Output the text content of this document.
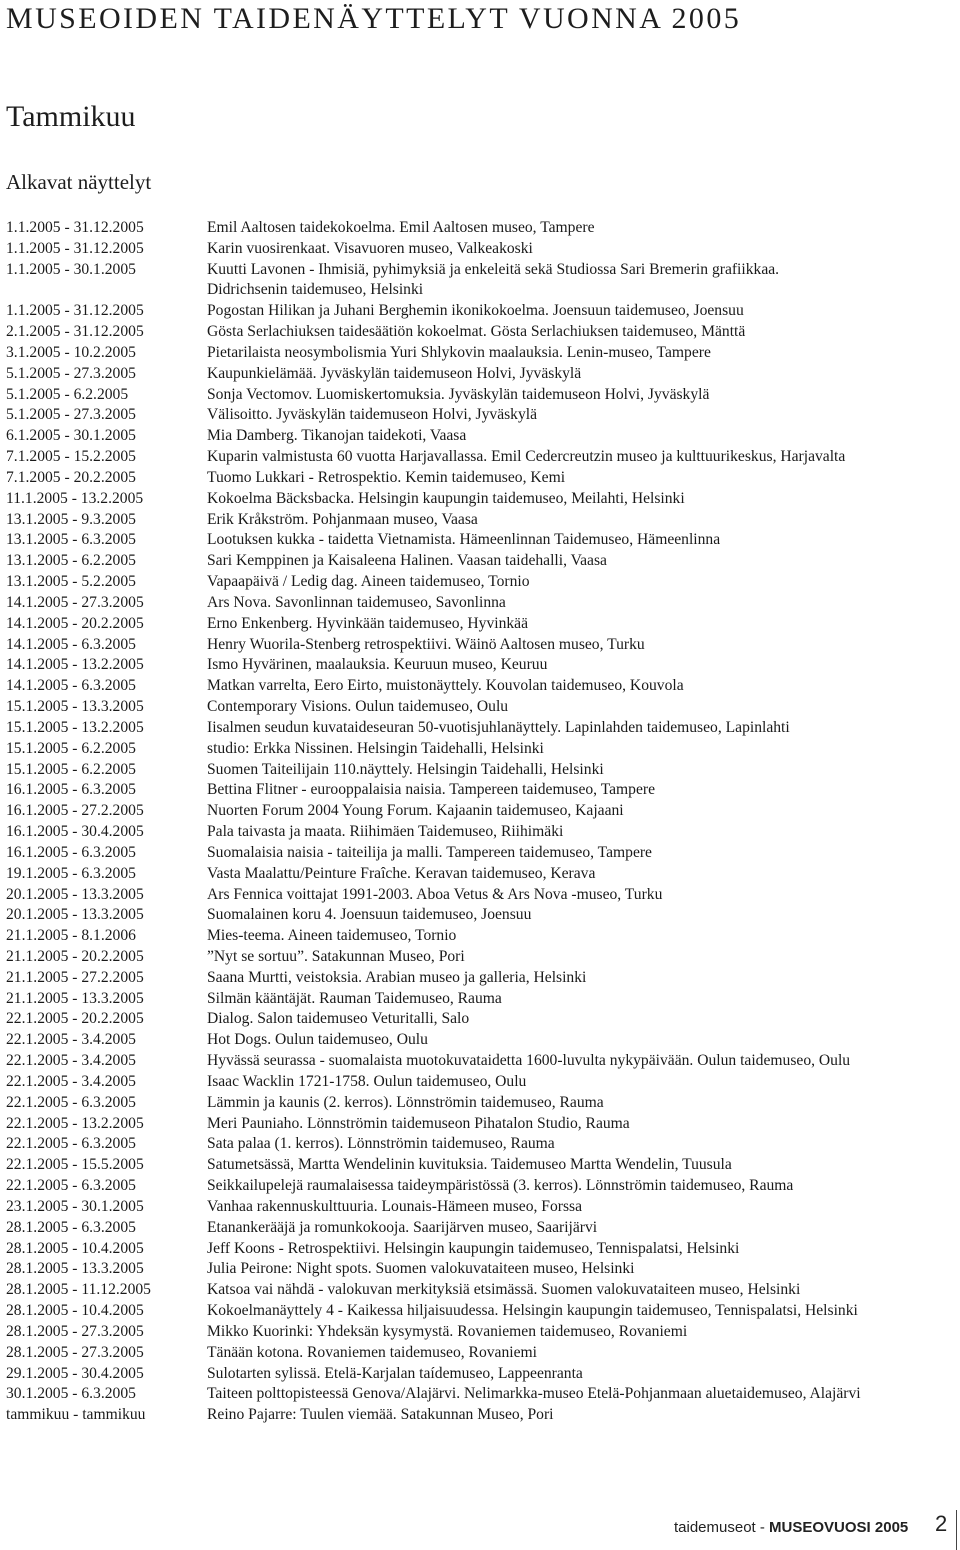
MUSEOIDEN TAIDENÄYTTELYT VUONNA 2005
Tammikuu
Alkavat näyttelyt
1.1.2005 - 31.12.2005	Emil Aaltosen taidekokoelma. Emil Aaltosen museo, Tampere
1.1.2005 - 31.12.2005	Karin vuosirenkaat. Visavuoren museo, Valkeakoski
1.1.2005 - 30.1.2005	Kuutti Lavonen - Ihmisiä, pyhimyksiä ja enkeleitä sekä Studiossa Sari Bremerin grafiikkaa.
Didrichsenin taidemuseo, Helsinki
1.1.2005 - 31.12.2005	Pogostan Hilikan ja Juhani Berghemin ikonikokoelma. Joensuun taidemuseo, Joensuu
2.1.2005 - 31.12.2005	Gösta Serlachiuksen taidesäätiön kokoelmat. Gösta Serlachiuksen taidemuseo, Mänttä
3.1.2005 - 10.2.2005	Pietarilaista neosymbolismia Yuri Shlykovin maalauksia. Lenin-museo, Tampere
5.1.2005 - 27.3.2005	Kaupunkielämää. Jyväskylän taidemuseon Holvi, Jyväskylä
5.1.2005 - 6.2.2005	Sonja Vectomov. Luomiskertomuksia. Jyväskylän taidemuseon Holvi, Jyväskylä
5.1.2005 - 27.3.2005	Välisoitto. Jyväskylän taidemuseon Holvi, Jyväskylä
6.1.2005 - 30.1.2005	Mia Damberg. Tikanojan taidekoti, Vaasa
7.1.2005 - 15.2.2005	Kuparin valmistusta 60 vuotta Harjavallassa. Emil Cedercreutzin museo ja kulttuurikeskus, Harjavalta
7.1.2005 - 20.2.2005	Tuomo Lukkari - Retrospektio. Kemin taidemuseo, Kemi
11.1.2005 - 13.2.2005	Kokoelma Bäcksbacka. Helsingin kaupungin taidemuseo, Meilahti, Helsinki
13.1.2005 - 9.3.2005	Erik Kråkström. Pohjanmaan museo, Vaasa
13.1.2005 - 6.3.2005	Lootuksen kukka - taidetta Vietnamista. Hämeenlinnan Taidemuseo, Hämeenlinna
13.1.2005 - 6.2.2005	Sari Kemppinen ja Kaisaleena Halinen. Vaasan taidehalli, Vaasa
13.1.2005 - 5.2.2005	Vapaapäivä / Ledig dag. Aineen taidemuseo, Tornio
14.1.2005 - 27.3.2005	Ars Nova. Savonlinnan taidemuseo, Savonlinna
14.1.2005 - 20.2.2005	Erno Enkenberg. Hyvinkään taidemuseo, Hyvinkää
14.1.2005 - 6.3.2005	Henry Wuorila-Stenberg retrospektiivi. Wäinö Aaltosen museo, Turku
14.1.2005 - 13.2.2005	Ismo Hyvärinen, maalauksia. Keuruun museo, Keuruu
14.1.2005 - 6.3.2005	Matkan varrelta, Eero Eirto, muistonäyttely. Kouvolan taidemuseo, Kouvola
15.1.2005 - 13.3.2005	Contemporary Visions. Oulun taidemuseo, Oulu
15.1.2005 - 13.2.2005	Iisalmen seudun kuvataideseuran 50-vuotisjuhlanäyttely. Lapinlahden taidemuseo, Lapinlahti
15.1.2005 - 6.2.2005	studio: Erkka Nissinen. Helsingin Taidehalli, Helsinki
15.1.2005 - 6.2.2005	Suomen Taiteilijain 110.näyttely. Helsingin Taidehalli, Helsinki
16.1.2005 - 6.3.2005	Bettina Flitner - eurooppalaisia naisia. Tampereen taidemuseo, Tampere
16.1.2005 - 27.2.2005	Nuorten Forum 2004 Young Forum. Kajaanin taidemuseo, Kajaani
16.1.2005 - 30.4.2005	Pala taivasta ja maata. Riihimäen Taidemuseo, Riihimäki
16.1.2005 - 6.3.2005	Suomalaisia naisia - taiteilija ja malli. Tampereen taidemuseo, Tampere
19.1.2005 - 6.3.2005	Vasta Maalattu/Peinture Fraîche. Keravan taidemuseo, Kerava
20.1.2005 - 13.3.2005	Ars Fennica voittajat 1991-2003. Aboa Vetus & Ars Nova -museo, Turku
20.1.2005 - 13.3.2005	Suomalainen koru 4. Joensuun taidemuseo, Joensuu
21.1.2005 - 8.1.2006	Mies-teema. Aineen taidemuseo, Tornio
21.1.2005 - 20.2.2005	”Nyt se sortuu”. Satakunnan Museo, Pori
21.1.2005 - 27.2.2005	Saana Murtti, veistoksia. Arabian museo ja galleria, Helsinki
21.1.2005 - 13.3.2005	Silmän kääntäjät. Rauman Taidemuseo, Rauma
22.1.2005 - 20.2.2005	Dialog. Salon taidemuseo Veturitalli, Salo
22.1.2005 - 3.4.2005	Hot Dogs. Oulun taidemuseo, Oulu
22.1.2005 - 3.4.2005	Hyvässä seurassa - suomalaista muotokuvataidetta 1600-luvulta nykypäivään. Oulun taidemuseo, Oulu
22.1.2005 - 3.4.2005	Isaac Wacklin 1721-1758. Oulun taidemuseo, Oulu
22.1.2005 - 6.3.2005	Lämmin ja kaunis (2. kerros). Lönnströmin taidemuseo, Rauma
22.1.2005 - 13.2.2005	Meri Pauniaho. Lönnströmin taidemuseon Pihatalon Studio, Rauma
22.1.2005 - 6.3.2005	Sata palaa (1. kerros). Lönnströmin taidemuseo, Rauma
22.1.2005 - 15.5.2005	Satumetsässä, Martta Wendelinin kuvituksia. Taidemuseo Martta Wendelin, Tuusula
22.1.2005 - 6.3.2005	Seikkailupelejä raumalaisessa taideympäristössä (3. kerros). Lönnströmin taidemuseo, Rauma
23.1.2005 - 30.1.2005	Vanhaa rakennuskulttuuria. Lounais-Hämeen museo, Forssa
28.1.2005 - 6.3.2005	Etanankerääjä ja romunkokooja. Saarijärven museo, Saarijärvi
28.1.2005 - 10.4.2005	Jeff Koons - Retrospektiivi. Helsingin kaupungin taidemuseo, Tennispalatsi, Helsinki
28.1.2005 - 13.3.2005	Julia Peirone: Night spots. Suomen valokuvataiteen museo, Helsinki
28.1.2005 - 11.12.2005	Katsoa vai nähdä - valokuvan merkityksiä etsimässä. Suomen valokuvataiteen museo, Helsinki
28.1.2005 - 10.4.2005	Kokoelmanäyttely 4 - Kaikessa hiljaisuudessa. Helsingin kaupungin taidemuseo, Tennispalatsi, Helsinki
28.1.2005 - 27.3.2005	Mikko Kuorinki: Yhdeksän kysymystä. Rovaniemen taidemuseo, Rovaniemi
28.1.2005 - 27.3.2005	Tänään kotona. Rovaniemen taidemuseo, Rovaniemi
29.1.2005 - 30.4.2005	Sulotarten sylissä. Etelä-Karjalan taídemuseo, Lappeenranta
30.1.2005 - 6.3.2005	Taiteen polttopisteessä Genova/Alajärvi. Nelimarkka-museo Etelä-Pohjanmaan aluetaidemuseo, Alajärvi
tammikuu - tammikuu	Reino Pajarre: Tuulen viemää. Satakunnan Museo, Pori
taidemuseot - MUSEOVUOSI 2005 2
